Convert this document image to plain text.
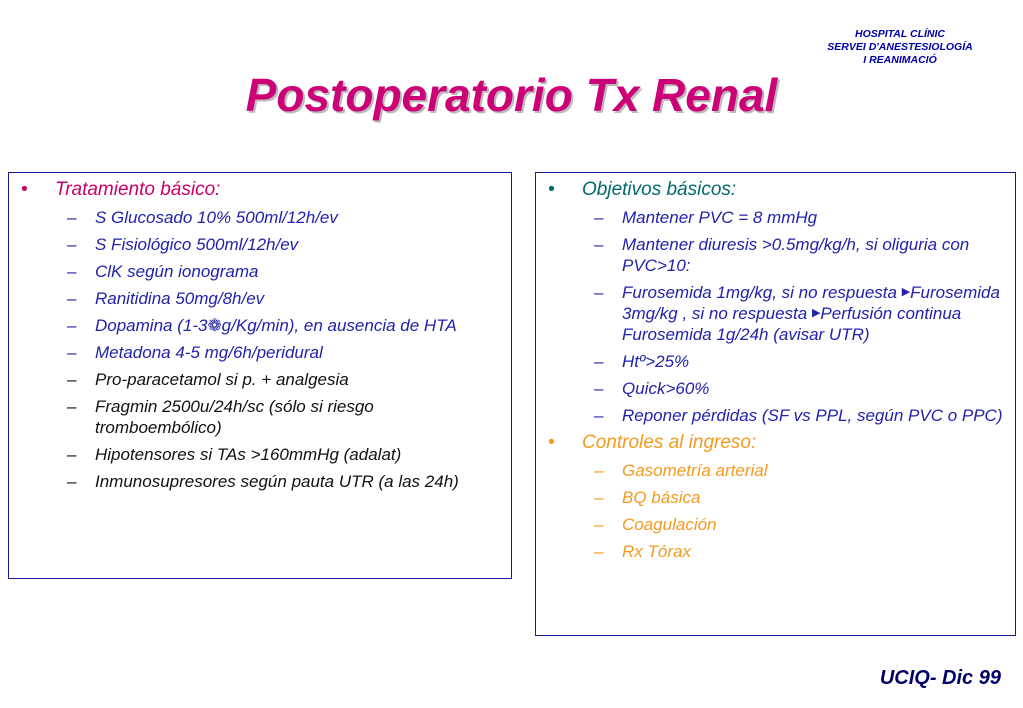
HOSPITAL CLÍNIC
SERVEI D'ANESTESIOLOGÍA
I REANIMACIÓ
Postoperatorio Tx Renal
• Tratamiento básico:
– S Glucosado 10% 500ml/12h/ev
– S Fisiológico 500ml/12h/ev
– ClK según ionograma
– Ranitidina 50mg/8h/ev
– Dopamina (1-3❁g/Kg/min), en ausencia de HTA
– Metadona 4-5 mg/6h/peridural
– Pro-paracetamol si p. + analgesia
– Fragmin 2500u/24h/sc (sólo si riesgo tromboembólico)
– Hipotensores si TAs >160mmHg (adalat)
– Inmunosupresores según pauta UTR (a las 24h)
• Objetivos básicos:
– Mantener PVC = 8 mmHg
– Mantener diuresis >0.5mg/kg/h, si oliguria con PVC>10:
– Furosemida 1mg/kg, si no respuesta ▶Furosemida 3mg/kg , si no respuesta ▶Perfusión continua Furosemida 1g/24h (avisar UTR)
– Htº>25%
– Quick>60%
– Reponer pérdidas (SF vs PPL, según PVC o PPC)
• Controles al ingreso:
– Gasometría arterial
– BQ básica
– Coagulación
– Rx Tórax
UCIQ- Dic 99
